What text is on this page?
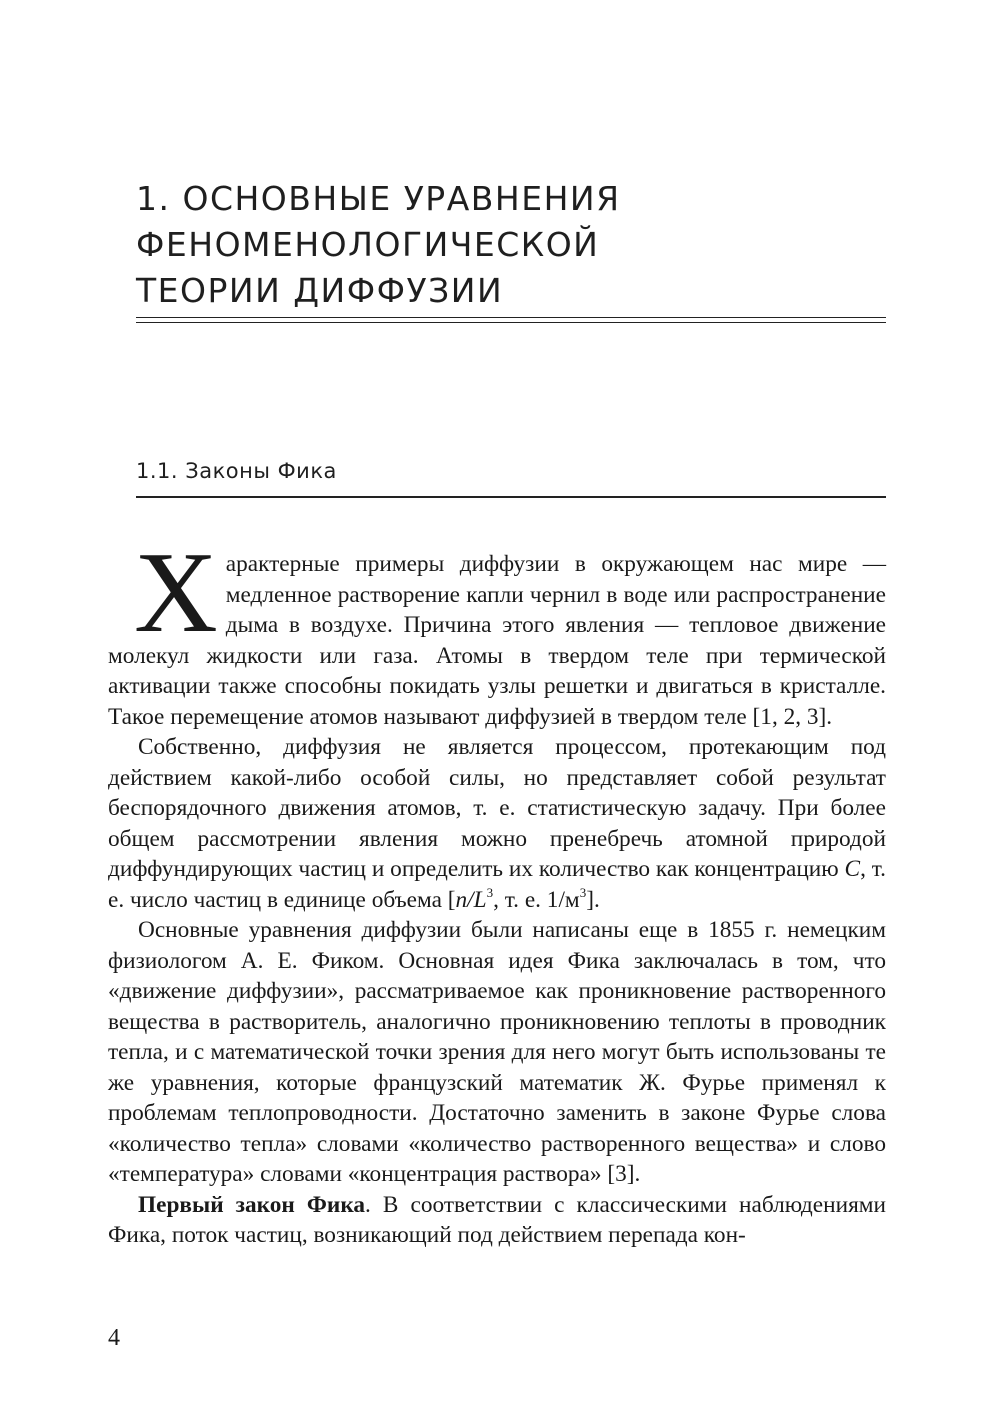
1. ОСНОВНЫЕ УРАВНЕНИЯ
ФЕНОМЕНОЛОГИЧЕСКОЙ
ТЕОРИИ ДИФФУЗИИ
1.1. Законы Фика

Характерные примеры диффузии в окружающем нас мире — медленное растворение капли чернил в воде или распространение дыма в воздухе. Причина этого явления — тепловое движение молекул жидкости или газа. Атомы в твердом теле при термической активации также способны покидать узлы решетки и двигаться в кристалле. Такое перемещение атомов называют диффузией в твердом теле [1, 2, 3].

Собственно, диффузия не является процессом, протекающим под действием какой-либо особой силы, но представляет собой результат беспорядочного движения атомов, т. е. статистическую задачу. При более общем рассмотрении явления можно пренебречь атомной природой диффундирующих частиц и определить их количество как концентрацию C, т. е. число частиц в единице объема [$n/L^3$, т. е. $1/м^3$].

Основные уравнения диффузии были написаны еще в 1855 г. немецким физиологом А. Е. Фиком. Основная идея Фика заключалась в том, что «движение диффузии», рассматриваемое как проникновение растворенного вещества в растворитель, аналогично проникновению теплоты в проводник тепла, и с математической точки зрения для него могут быть использованы те же уравнения, которые французский математик Ж. Фурье применял к проблемам теплопроводности. Достаточно заменить в законе Фурье слова «количество тепла» словами «количество растворенного вещества» и слово «температура» словами «концентрация раствора» [3].

Первый закон Фика. В соответствии с классическими наблюдениями Фика, поток частиц, возникающий под действием перепада кон-

4
